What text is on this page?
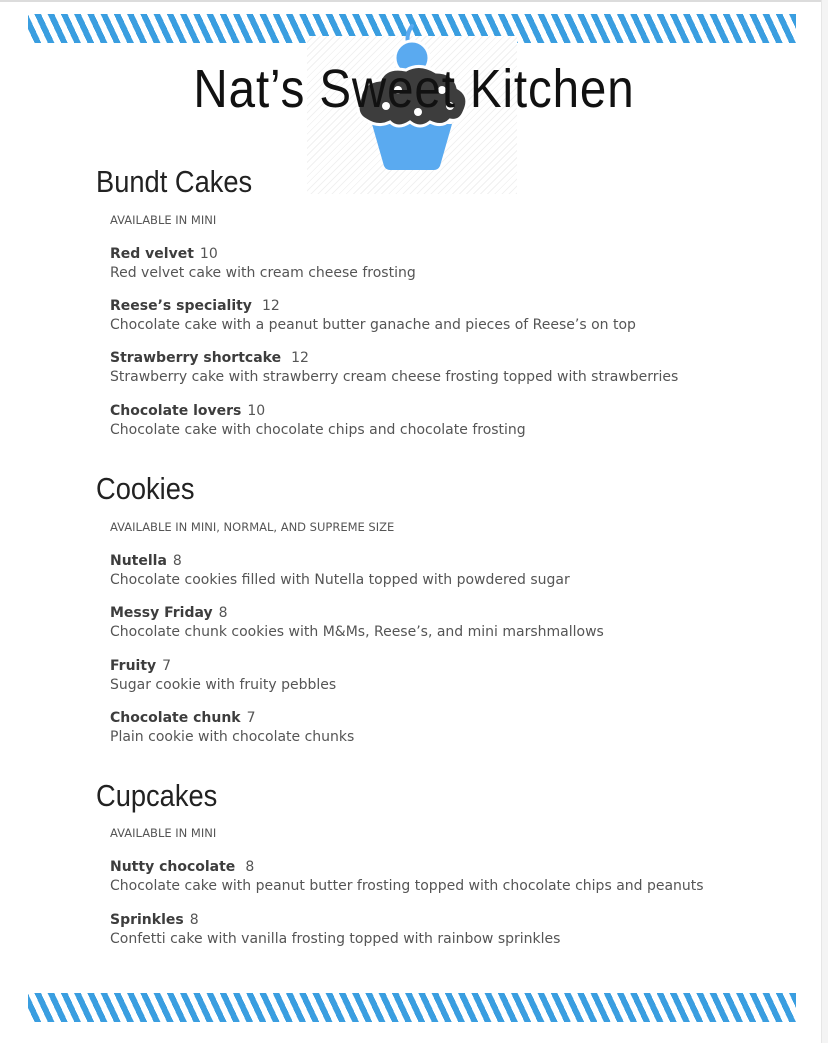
Nat’s Sweet Kitchen
Bundt Cakes
AVAILABLE IN MINI
Red velvet 10
Red velvet cake with cream cheese frosting
Reese’s speciality 12
Chocolate cake with a peanut butter ganache and pieces of Reese’s on top
Strawberry shortcake 12
Strawberry cake with strawberry cream cheese frosting topped with strawberries
Chocolate lovers 10
Chocolate cake with chocolate chips and chocolate frosting
Cookies
AVAILABLE IN MINI, NORMAL, AND SUPREME SIZE
Nutella 8
Chocolate cookies filled with Nutella topped with powdered sugar
Messy Friday 8
Chocolate chunk cookies with M&Ms, Reese’s, and mini marshmallows
Fruity 7
Sugar cookie with fruity pebbles
Chocolate chunk 7
Plain cookie with chocolate chunks
Cupcakes
AVAILABLE IN MINI
Nutty chocolate 8
Chocolate cake with peanut butter frosting topped with chocolate chips and peanuts
Sprinkles 8
Confetti cake with vanilla frosting topped with rainbow sprinkles
